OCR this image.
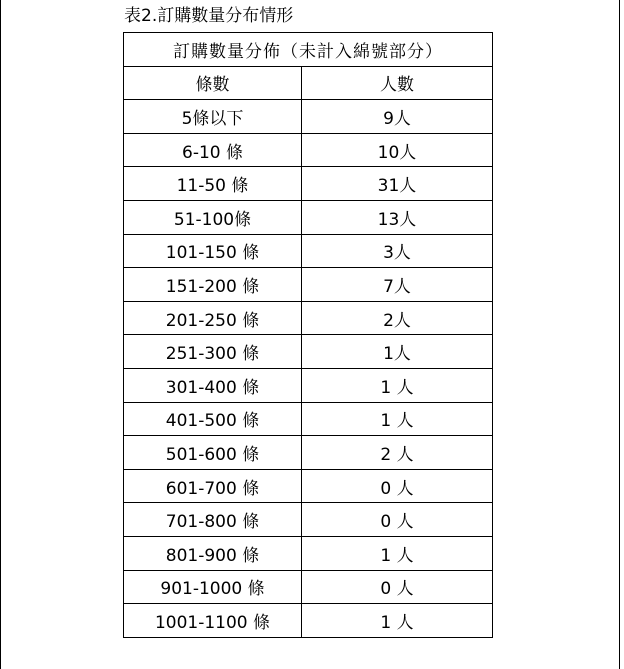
表2.訂購數量分布情形
訂購數量分佈（未計入綿號部分）	
條數	人數
5條以下	9人
6-10 條	10人
11-50 條	31人
51-100條	13人
101-150 條	3人
151-200 條	7人
201-250 條	2人
251-300 條	1人
301-400 條	1 人
401-500 條	1 人
501-600 條	2 人
601-700 條	0 人
701-800 條	0 人
801-900 條	1 人
901-1000 條	0 人
1001-1100 條	1 人
